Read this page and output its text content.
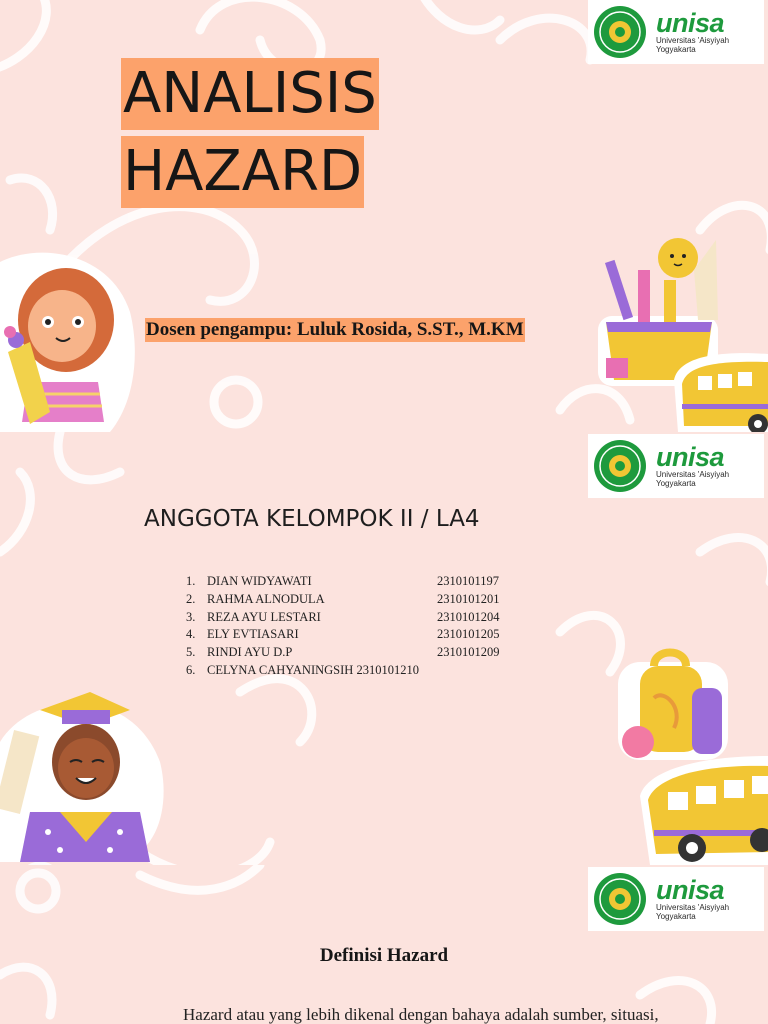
unisa
Universitas 'Aisyiyah
Yogyakarta
ANALISIS
HAZARD
Dosen pengampu: Luluk Rosida, S.ST., M.KM
unisa
Universitas 'Aisyiyah
Yogyakarta
ANGGOTA KELOMPOK II / LA4
1. DIAN WIDYAWATI	2310101197
2. RAHMA ALNODULA	2310101201
3. REZA AYU LESTARI	2310101204
4. ELY EVTIASARI	2310101205
5. RINDI AYU D.P	2310101209
6. CELYNA CAHYANINGSIH 2310101210
unisa
Universitas 'Aisyiyah
Yogyakarta
Definisi Hazard
Hazard atau yang lebih dikenal dengan bahaya adalah sumber, situasi,
